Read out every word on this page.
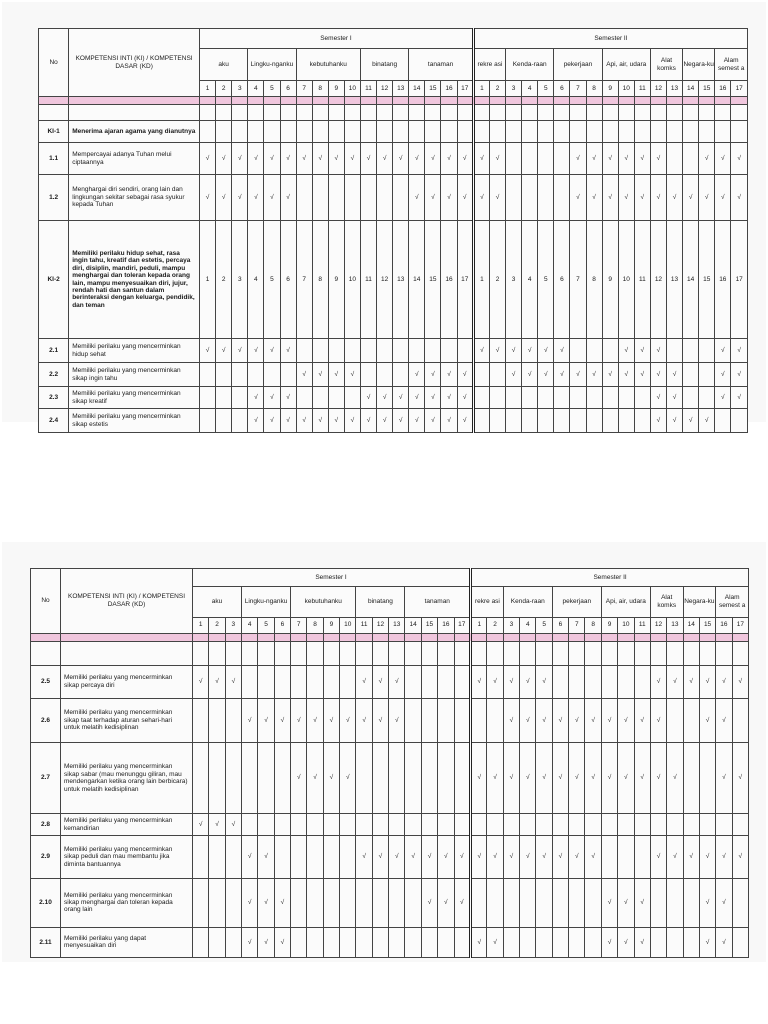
No	KOMPETENSI INTI (KI) / KOMPETENSI DASAR (KD)	Semester I																	Semester II																
		aku			Lingku-nganku			kebutuhanku				binatang			tanaman				rekre asi		Kenda-raan			pekerjaan			Api, air, udara			Alat komks		Negara-ku		Alam semest a	
		1	2	3	4	5	6	7	8	9	10	11	12	13	14	15	16	17	1	2	3	4	5	6	7	8	9	10	11	12	13	14	15	16	17

KI-1	Menerima ajaran agama yang dianutnya																																		
1.1	Mempercayai adanya Tuhan melui ciptaannya	√	√	√	√	√	√	√	√	√	√	√	√	√	√	√	√	√	√	√					√	√	√	√	√	√			√	√	√
1.2	Menghargai diri sendiri, orang lain dan lingkungan sekitar sebagai rasa syukur kepada Tuhan	√	√	√	√	√	√								√	√	√	√	√	√					√	√	√	√	√	√	√	√	√	√	√
KI-2	Memiliki perilaku hidup sehat, rasa ingin tahu, kreatif dan estetis, percaya diri, disiplin, mandiri, peduli, mampu menghargai dan toleran kepada orang lain, mampu menyesuaikan diri, jujur, rendah hati dan santun dalam berinteraksi dengan keluarga, pendidik, dan teman	1	2	3	4	5	6	7	8	9	10	11	12	13	14	15	16	17	1	2	3	4	5	6	7	8	9	10	11	12	13	14	15	16	17
2.1	Memiliki perilaku yang mencerminkan hidup sehat	√	√	√	√	√	√												√	√	√	√	√	√				√	√	√				√	√
2.2	Memiliki perilaku yang mencerminkan sikap ingin tahu							√	√	√	√				√	√	√	√			√	√	√	√	√	√	√	√	√	√	√			√	√
2.3	Memiliki perilaku yang mencerminkan sikap kreatif				√	√	√					√	√	√	√	√	√	√												√	√			√	√
2.4	Memiliki perilaku yang mencerminkan sikap estetis				√	√	√	√	√	√	√	√	√	√	√	√	√	√												√	√	√	√		
No	KOMPETENSI INTI (KI) / KOMPETENSI DASAR (KD)	Semester I																	Semester II																
		aku			Lingku-nganku			kebutuhanku				binatang			tanaman				rekre asi		Kenda-raan			pekerjaan			Api, air, udara			Alat komks		Negara-ku		Alam semest a	
		1	2	3	4	5	6	7	8	9	10	11	12	13	14	15	16	17	1	2	3	4	5	6	7	8	9	10	11	12	13	14	15	16	17

2.5	Memiliki perilaku yang mencerminkan sikap percaya diri	√	√	√								√	√	√					√	√	√	√	√							√	√	√	√	√	√
2.6	Memiliki perilaku yang mencerminkan sikap taat terhadap aturan sehari-hari untuk melatih kedisiplinan				√	√	√	√	√	√	√	√	√	√							√	√	√	√	√	√	√	√	√	√			√	√	
2.7	Memiliki perilaku yang mencerminkan sikap sabar (mau menunggu giliran, mau mendengarkan ketika orang lain berbicara) untuk melatih kedisiplinan							√	√	√	√								√	√	√	√	√	√	√	√	√	√	√	√	√			√	√
2.8	Memiliki perilaku yang mencerminkan kemandirian	√	√	√																															
2.9	Memiliki perilaku yang mencerminkan sikap peduli dan mau membantu jika diminta bantuannya				√	√						√	√	√	√	√	√	√	√	√	√	√	√	√	√	√				√	√	√	√	√	√
2.10	Memiliki perilaku yang mencerminkan sikap menghargai dan toleran kepada orang lain				√	√	√									√	√	√									√	√	√				√	√	
2.11	Memiliki perilaku yang dapat menyesuaikan diri				√	√	√												√	√							√	√	√				√	√	
